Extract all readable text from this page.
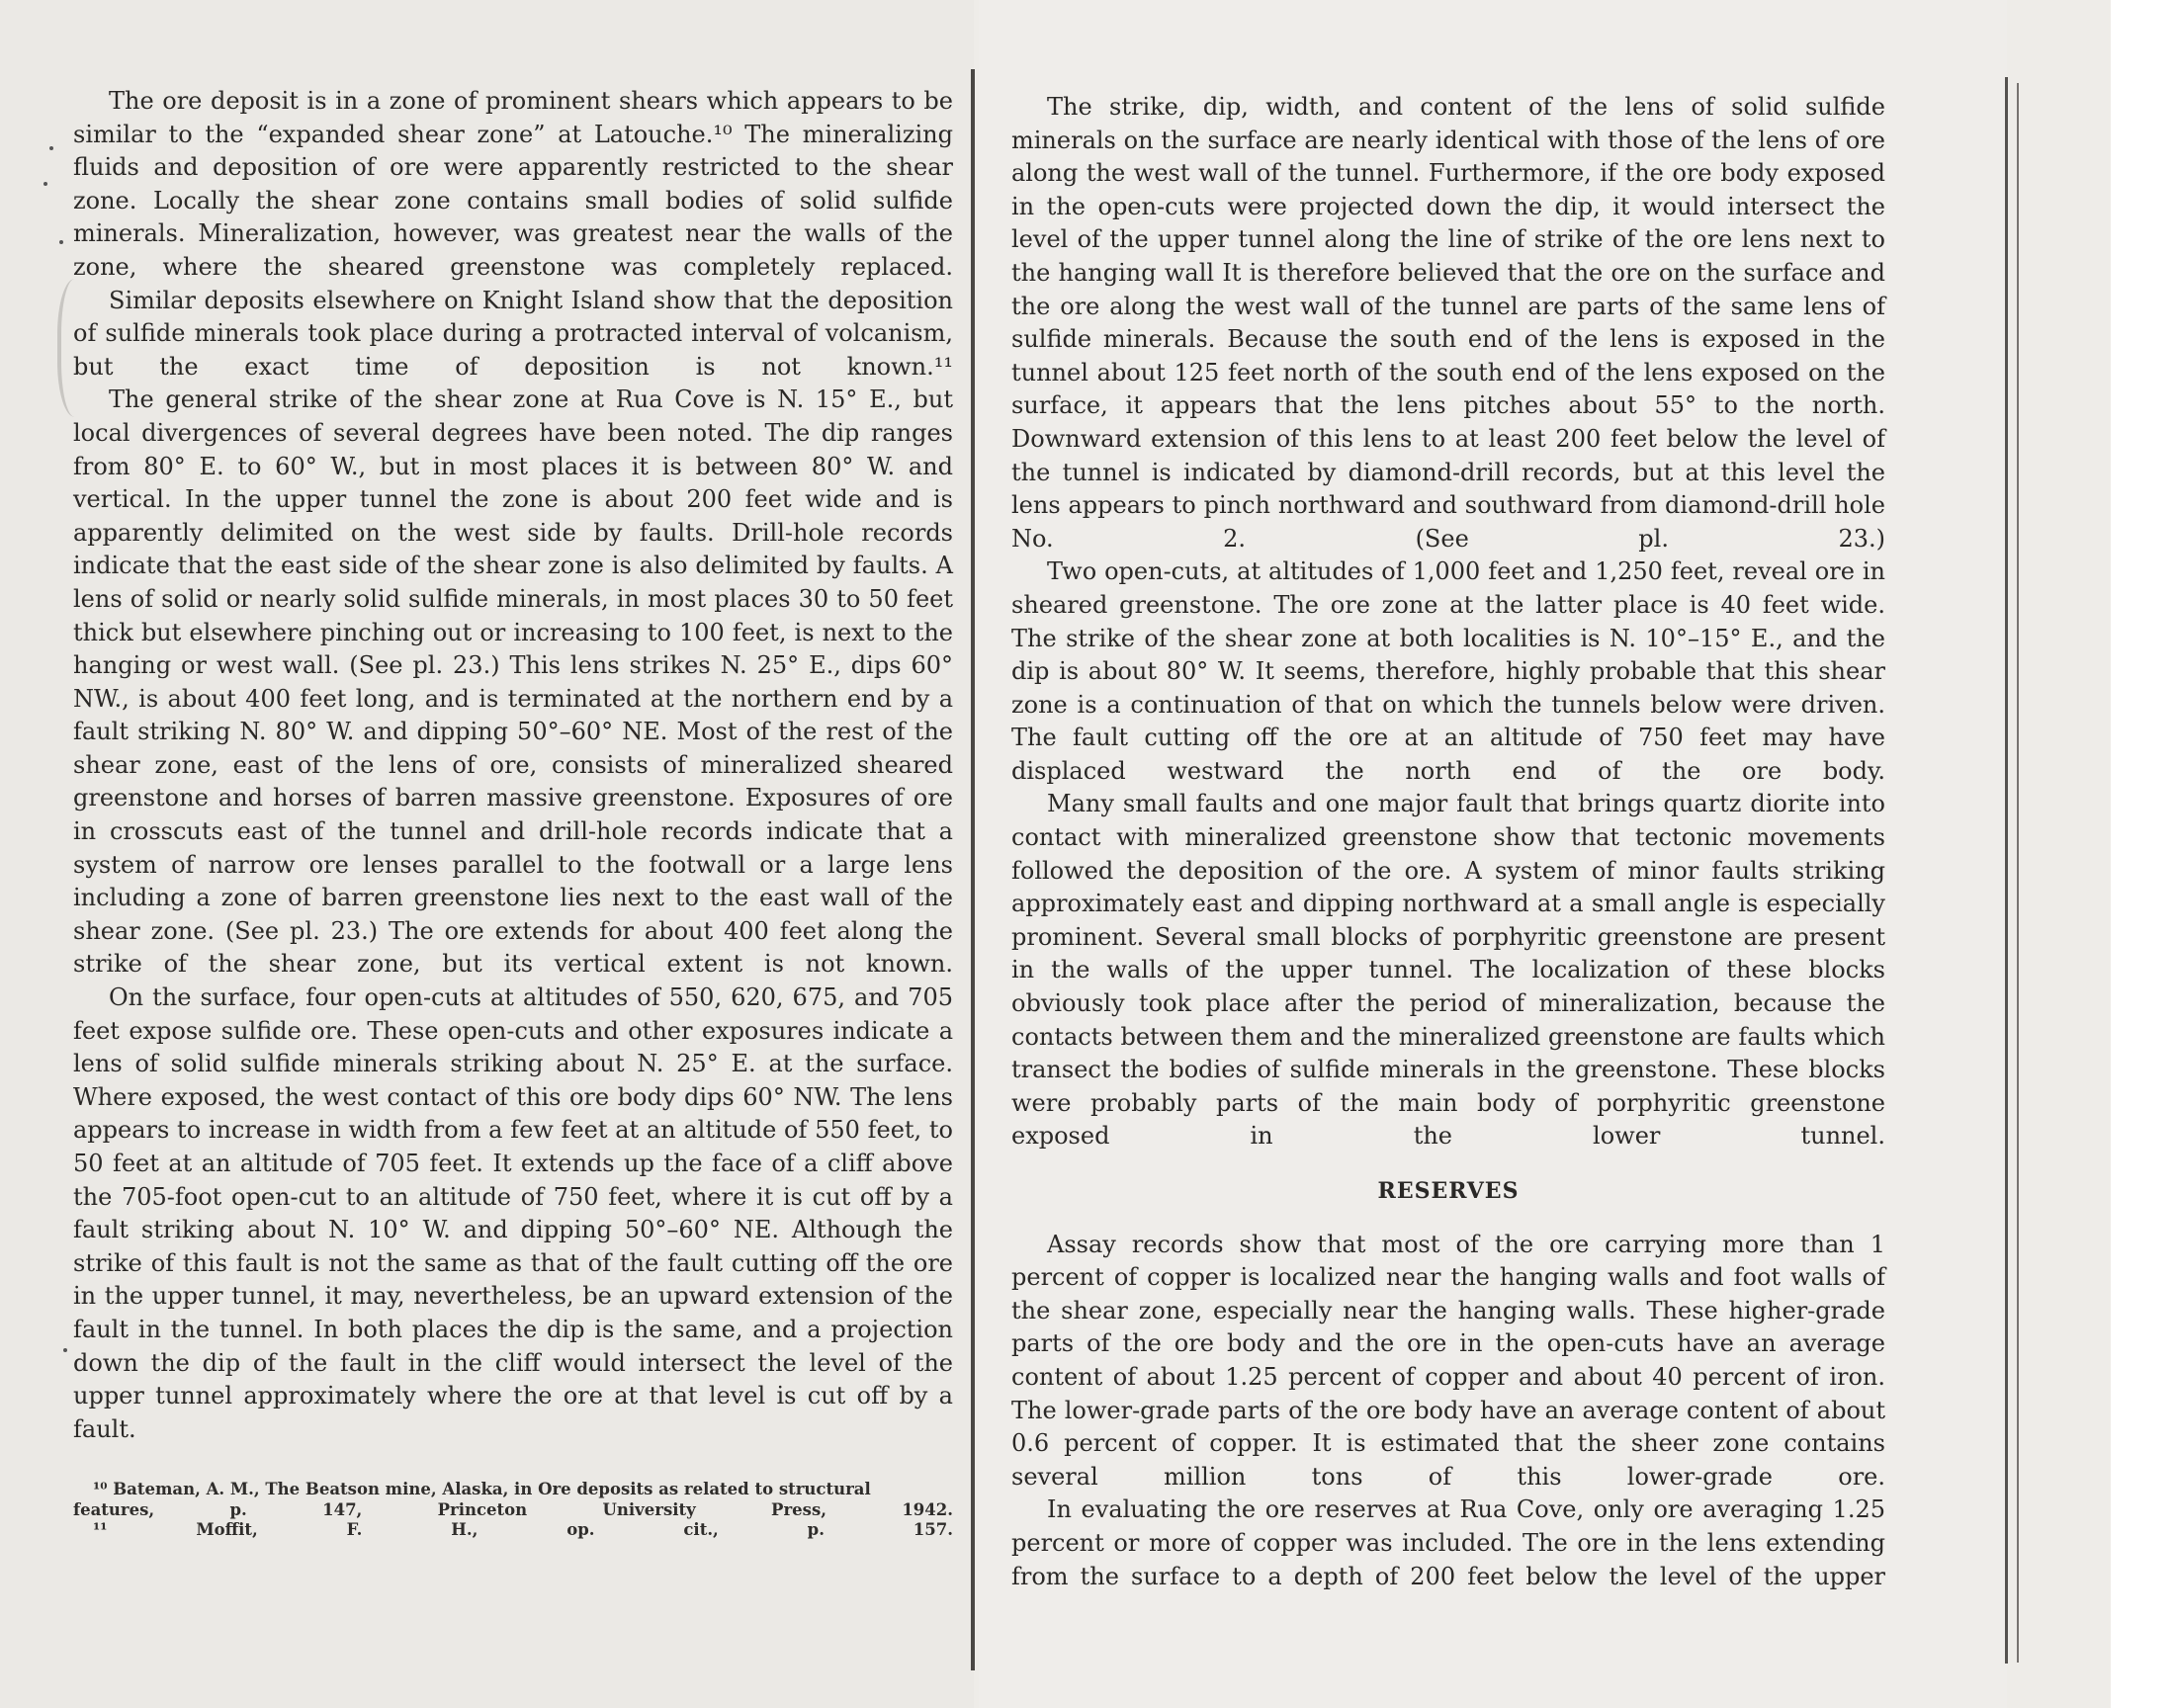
The ore deposit is in a zone of prominent shears which appears to be similar to the “expanded shear zone” at Latouche.¹⁰ The mineralizing fluids and deposition of ore were apparently restricted to the shear zone. Locally the shear zone contains small bodies of solid sulfide minerals. Mineralization, however, was greatest near the walls of the zone, where the sheared greenstone was completely replaced.

Similar deposits elsewhere on Knight Island show that the deposition of sulfide minerals took place during a protracted interval of volcanism, but the exact time of deposition is not known.¹¹

The general strike of the shear zone at Rua Cove is N. 15° E., but local divergences of several degrees have been noted. The dip ranges from 80° E. to 60° W., but in most places it is between 80° W. and vertical. In the upper tunnel the zone is about 200 feet wide and is apparently delimited on the west side by faults. Drill-hole records indicate that the east side of the shear zone is also delimited by faults. A lens of solid or nearly solid sulfide minerals, in most places 30 to 50 feet thick but elsewhere pinching out or increasing to 100 feet, is next to the hanging or west wall. (See pl. 23.) This lens strikes N. 25° E., dips 60° NW., is about 400 feet long, and is terminated at the northern end by a fault striking N. 80° W. and dipping 50°–60° NE. Most of the rest of the shear zone, east of the lens of ore, consists of mineralized sheared greenstone and horses of barren massive greenstone. Exposures of ore in crosscuts east of the tunnel and drill-hole records indicate that a system of narrow ore lenses parallel to the footwall or a large lens including a zone of barren greenstone lies next to the east wall of the shear zone. (See pl. 23.) The ore extends for about 400 feet along the strike of the shear zone, but its vertical extent is not known.

On the surface, four open-cuts at altitudes of 550, 620, 675, and 705 feet expose sulfide ore. These open-cuts and other exposures indicate a lens of solid sulfide minerals striking about N. 25° E. at the surface. Where exposed, the west contact of this ore body dips 60° NW. The lens appears to increase in width from a few feet at an altitude of 550 feet, to 50 feet at an altitude of 705 feet. It extends up the face of a cliff above the 705-foot open-cut to an altitude of 750 feet, where it is cut off by a fault striking about N. 10° W. and dipping 50°–60° NE. Although the strike of this fault is not the same as that of the fault cutting off the ore in the upper tunnel, it may, nevertheless, be an upward extension of the fault in the tunnel. In both places the dip is the same, and a projection down the dip of the fault in the cliff would intersect the level of the upper tunnel approximately where the ore at that level is cut off by a fault.

¹⁰ Bateman, A. M., The Beatson mine, Alaska, in Ore deposits as related to structural features, p. 147, Princeton University Press, 1942.

¹¹ Moffit, F. H., op. cit., p. 157.

The strike, dip, width, and content of the lens of solid sulfide minerals on the surface are nearly identical with those of the lens of ore along the west wall of the tunnel. Furthermore, if the ore body exposed in the open-cuts were projected down the dip, it would intersect the level of the upper tunnel along the line of strike of the ore lens next to the hanging wall It is therefore believed that the ore on the surface and the ore along the west wall of the tunnel are parts of the same lens of sulfide minerals. Because the south end of the lens is exposed in the tunnel about 125 feet north of the south end of the lens exposed on the surface, it appears that the lens pitches about 55° to the north. Downward extension of this lens to at least 200 feet below the level of the tunnel is indicated by diamond-drill records, but at this level the lens appears to pinch northward and southward from diamond-drill hole No. 2. (See pl. 23.)

Two open-cuts, at altitudes of 1,000 feet and 1,250 feet, reveal ore in sheared greenstone. The ore zone at the latter place is 40 feet wide. The strike of the shear zone at both localities is N. 10°–15° E., and the dip is about 80° W. It seems, therefore, highly probable that this shear zone is a continuation of that on which the tunnels below were driven. The fault cutting off the ore at an altitude of 750 feet may have displaced westward the north end of the ore body.

Many small faults and one major fault that brings quartz diorite into contact with mineralized greenstone show that tectonic movements followed the deposition of the ore. A system of minor faults striking approximately east and dipping northward at a small angle is especially prominent. Several small blocks of porphyritic greenstone are present in the walls of the upper tunnel. The localization of these blocks obviously took place after the period of mineralization, because the contacts between them and the mineralized greenstone are faults which transect the bodies of sulfide minerals in the greenstone. These blocks were probably parts of the main body of porphyritic greenstone exposed in the lower tunnel.

RESERVES

Assay records show that most of the ore carrying more than 1 percent of copper is localized near the hanging walls and foot walls of the shear zone, especially near the hanging walls. These higher-grade parts of the ore body and the ore in the open-cuts have an average content of about 1.25 percent of copper and about 40 percent of iron. The lower-grade parts of the ore body have an average content of about 0.6 percent of copper. It is estimated that the sheer zone contains several million tons of this lower-grade ore.

In evaluating the ore reserves at Rua Cove, only ore averaging 1.25 percent or more of copper was included. The ore in the lens extending from the surface to a depth of 200 feet below the level of the upper
